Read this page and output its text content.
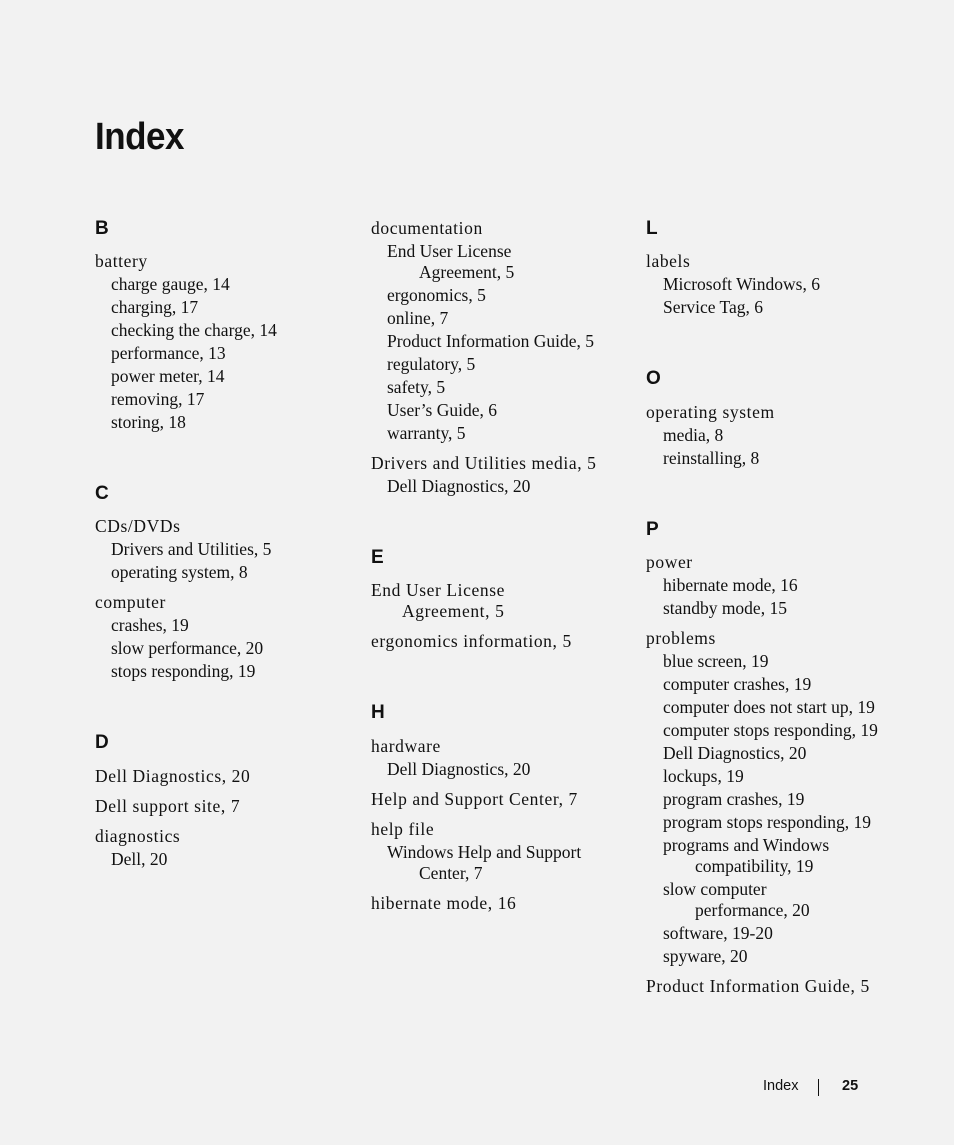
Index
B
battery
charge gauge, 14
charging, 17
checking the charge, 14
performance, 13
power meter, 14
removing, 17
storing, 18
C
CDs/DVDs
Drivers and Utilities, 5
operating system, 8
computer
crashes, 19
slow performance, 20
stops responding, 19
D
Dell Diagnostics, 20
Dell support site, 7
diagnostics
Dell, 20
documentation
End User License
Agreement, 5
ergonomics, 5
online, 7
Product Information Guide, 5
regulatory, 5
safety, 5
User’s Guide, 6
warranty, 5
Drivers and Utilities media, 5
Dell Diagnostics, 20
E
End User License
Agreement, 5
ergonomics information, 5
H
hardware
Dell Diagnostics, 20
Help and Support Center, 7
help file
Windows Help and Support
Center, 7
hibernate mode, 16
L
labels
Microsoft Windows, 6
Service Tag, 6
O
operating system
media, 8
reinstalling, 8
P
power
hibernate mode, 16
standby mode, 15
problems
blue screen, 19
computer crashes, 19
computer does not start up, 19
computer stops responding, 19
Dell Diagnostics, 20
lockups, 19
program crashes, 19
program stops responding, 19
programs and Windows
compatibility, 19
slow computer
performance, 20
software, 19-20
spyware, 20
Product Information Guide, 5
Index	25
